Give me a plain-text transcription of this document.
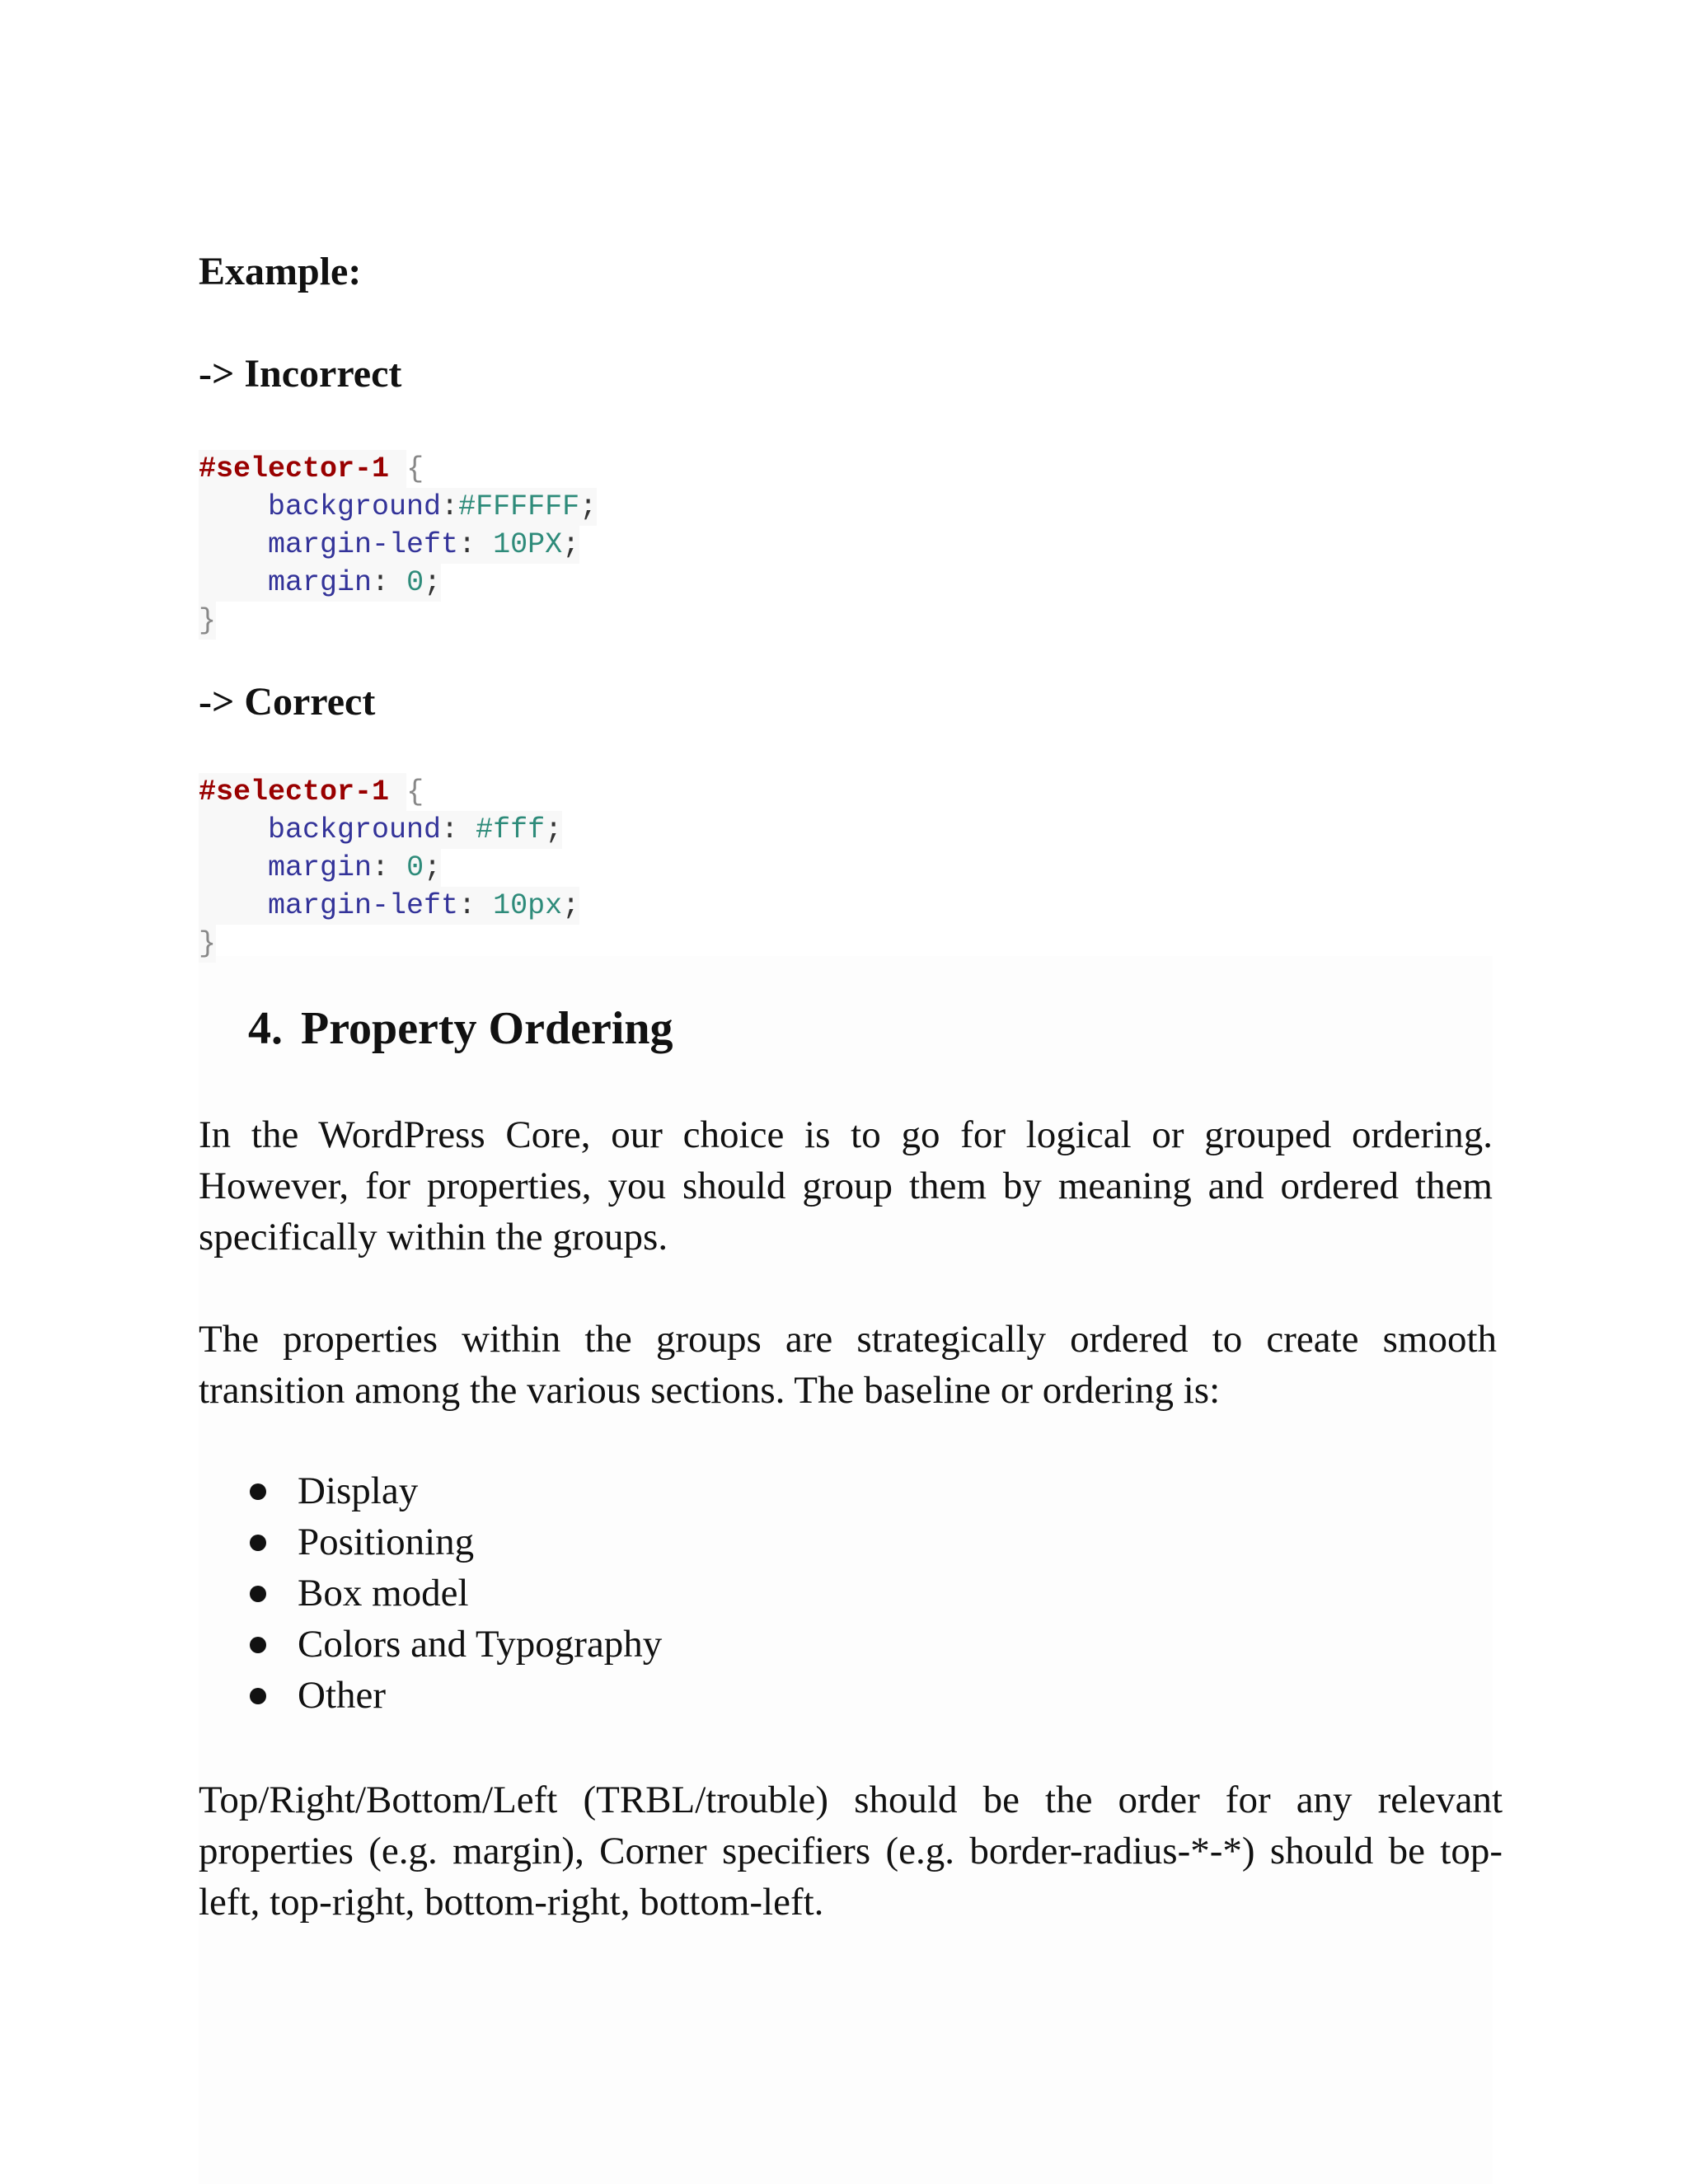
Example:
-> Incorrect
#selector-1 {
background:#FFFFFF;
margin-left: 10PX;
margin: 0;
}
-> Correct
#selector-1 {
background: #fff;
margin: 0;
margin-left: 10px;
}
4. Property Ordering

In the WordPress Core, our choice is to go for logical or grouped ordering. However, for properties, you should group them by meaning and ordered them specifically within the groups.

The properties within the groups are strategically ordered to create smooth transition among the various sections. The baseline or ordering is:

Display
Positioning
Box model
Colors and Typography
Other

Top/Right/Bottom/Left (TRBL/trouble) should be the order for any relevant properties (e.g. margin), Corner specifiers (e.g. border-radius-*-*) should be top-left, top-right, bottom-right, bottom-left.
